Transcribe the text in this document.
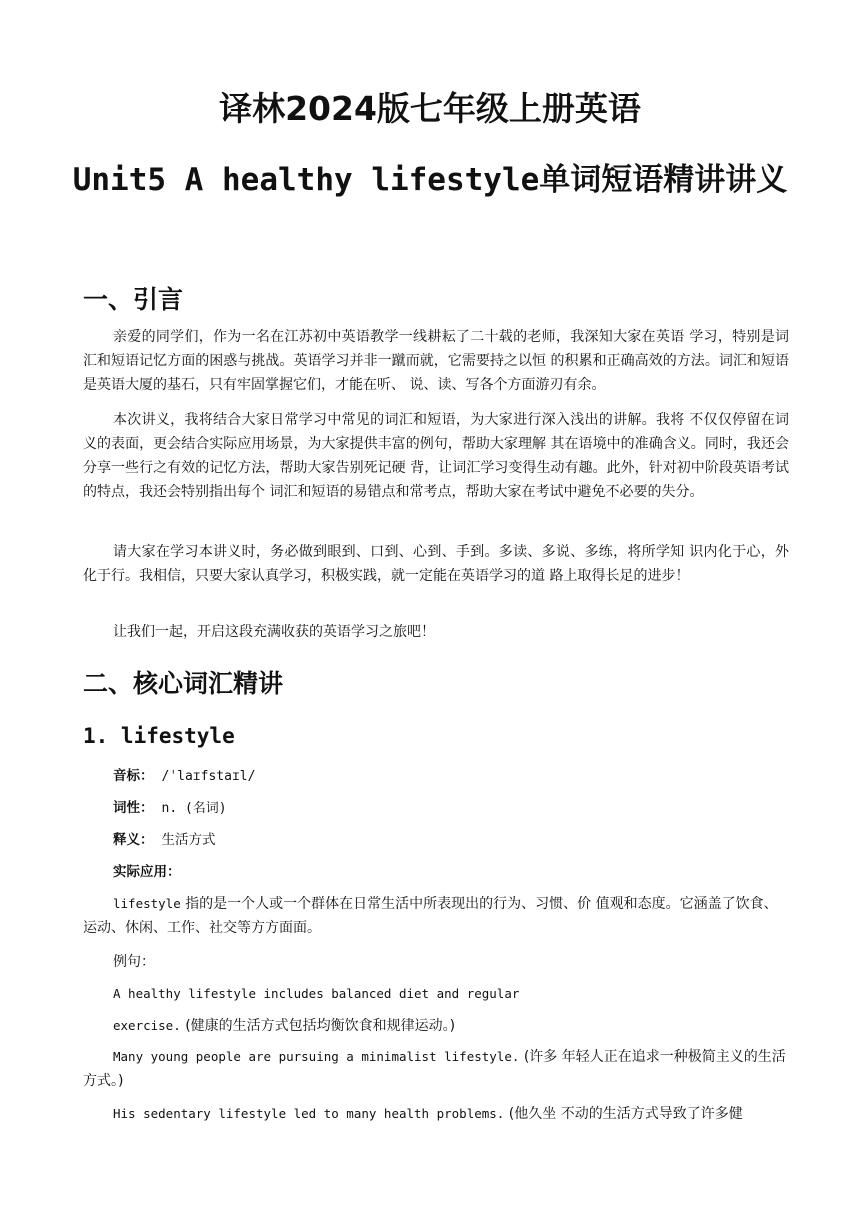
译林2024版七年级上册英语
Unit5 A healthy lifestyle单词短语精讲讲义
一、引言

亲爱的同学们，作为一名在江苏初中英语教学一线耕耘了二十载的老师，我深知大家在英语 学习，特别是词汇和短语记忆方面的困惑与挑战。英语学习并非一蹴而就，它需要持之以恒 的积累和正确高效的方法。词汇和短语是英语大厦的基石，只有牢固掌握它们，才能在听、 说、读、写各个方面游刃有余。

本次讲义，我将结合大家日常学习中常见的词汇和短语，为大家进行深入浅出的讲解。我将 不仅仅停留在词义的表面，更会结合实际应用场景，为大家提供丰富的例句，帮助大家理解 其在语境中的准确含义。同时，我还会分享一些行之有效的记忆方法，帮助大家告别死记硬 背，让词汇学习变得生动有趣。此外，针对初中阶段英语考试的特点，我还会特别指出每个 词汇和短语的易错点和常考点，帮助大家在考试中避免不必要的失分。

请大家在学习本讲义时，务必做到眼到、口到、心到、手到。多读、多说、多练，将所学知 识内化于心，外化于行。我相信，只要大家认真学习，积极实践，就一定能在英语学习的道 路上取得长足的进步！

让我们一起，开启这段充满收获的英语学习之旅吧！

二、核心词汇精讲
1. lifestyle

音标： /ˈlaɪfstaɪl/

词性： n. (名词)

释义： 生活方式

实际应用：

lifestyle 指的是一个人或一个群体在日常生活中所表现出的行为、习惯、价 值观和态度。它涵盖了饮食、运动、休闲、工作、社交等方方面面。

例句：

A healthy lifestyle includes balanced diet and regular

exercise. (健康的生活方式包括均衡饮食和规律运动。)

Many young people are pursuing a minimalist lifestyle. (许多 年轻人正在追求一种极简主义的生活方式。)

His sedentary lifestyle led to many health problems. (他久坐 不动的生活方式导致了许多健
